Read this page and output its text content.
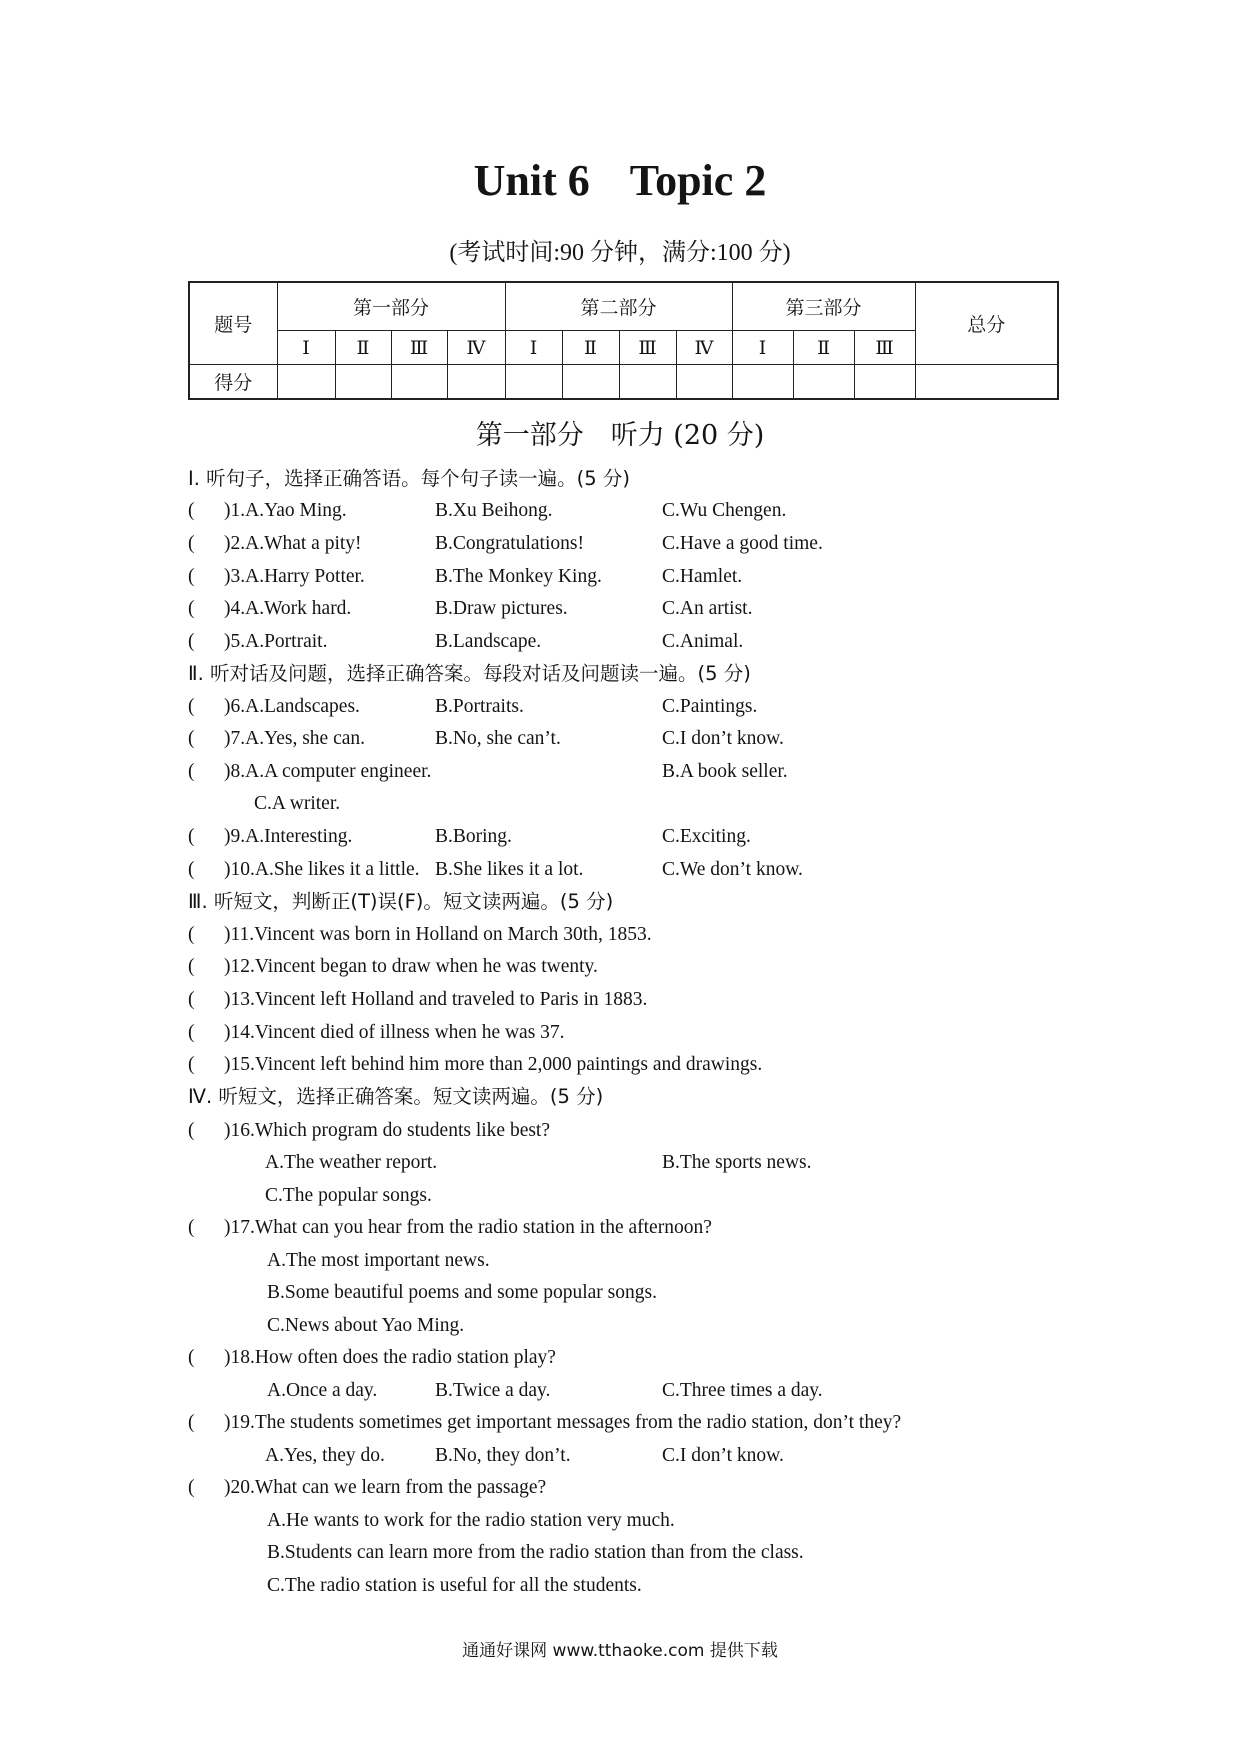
Unit 6 Topic 2
(考试时间:90 分钟，满分:100 分)
题号	第一部分				第二部分				第三部分			总分
	Ⅰ	Ⅱ	Ⅲ	Ⅳ	Ⅰ	Ⅱ	Ⅲ	Ⅳ	Ⅰ	Ⅱ	Ⅲ	
得分												
第一部分　听力 (20 分)
Ⅰ. 听句子，选择正确答语。每个句子读一遍。(5 分)
( )1.A.Yao Ming.	B.Xu Beihong.	C.Wu Chengen.
( )2.A.What a pity!	B.Congratulations!	C.Have a good time.
( )3.A.Harry Potter.	B.The Monkey King.	C.Hamlet.
( )4.A.Work hard.	B.Draw pictures.	C.An artist.
( )5.A.Portrait.	B.Landscape.	C.Animal.
Ⅱ. 听对话及问题，选择正确答案。每段对话及问题读一遍。(5 分)
( )6.A.Landscapes.	B.Portraits.	C.Paintings.
( )7.A.Yes, she can.	B.No, she can’t.	C.I don’t know.
( )8.A.A computer engineer.	B.A book seller.
C.A writer.
( )9.A.Interesting.	B.Boring.	C.Exciting.
( )10.A.She likes it a little. B.She likes it a lot.	C.We don’t know.
Ⅲ. 听短文，判断正(T)误(F)。短文读两遍。(5 分)
( )11.Vincent was born in Holland on March 30th, 1853.
( )12.Vincent began to draw when he was twenty.
( )13.Vincent left Holland and traveled to Paris in 1883.
( )14.Vincent died of illness when he was 37.
( )15.Vincent left behind him more than 2,000 paintings and drawings.
Ⅳ. 听短文，选择正确答案。短文读两遍。(5 分)
( )16.Which program do students like best?
A.The weather report.	B.The sports news.
C.The popular songs.
( )17.What can you hear from the radio station in the afternoon?
A.The most important news.
B.Some beautiful poems and some popular songs.
C.News about Yao Ming.
( )18.How often does the radio station play?
A.Once a day.	B.Twice a day.	C.Three times a day.
( )19.The students sometimes get important messages from the radio station, don’t they?
A.Yes, they do.	B.No, they don’t.	C.I don’t know.
( )20.What can we learn from the passage?
A.He wants to work for the radio station very much.
B.Students can learn more from the radio station than from the class.
C.The radio station is useful for all the students.
通通好课网 www.tthaoke.com 提供下载
